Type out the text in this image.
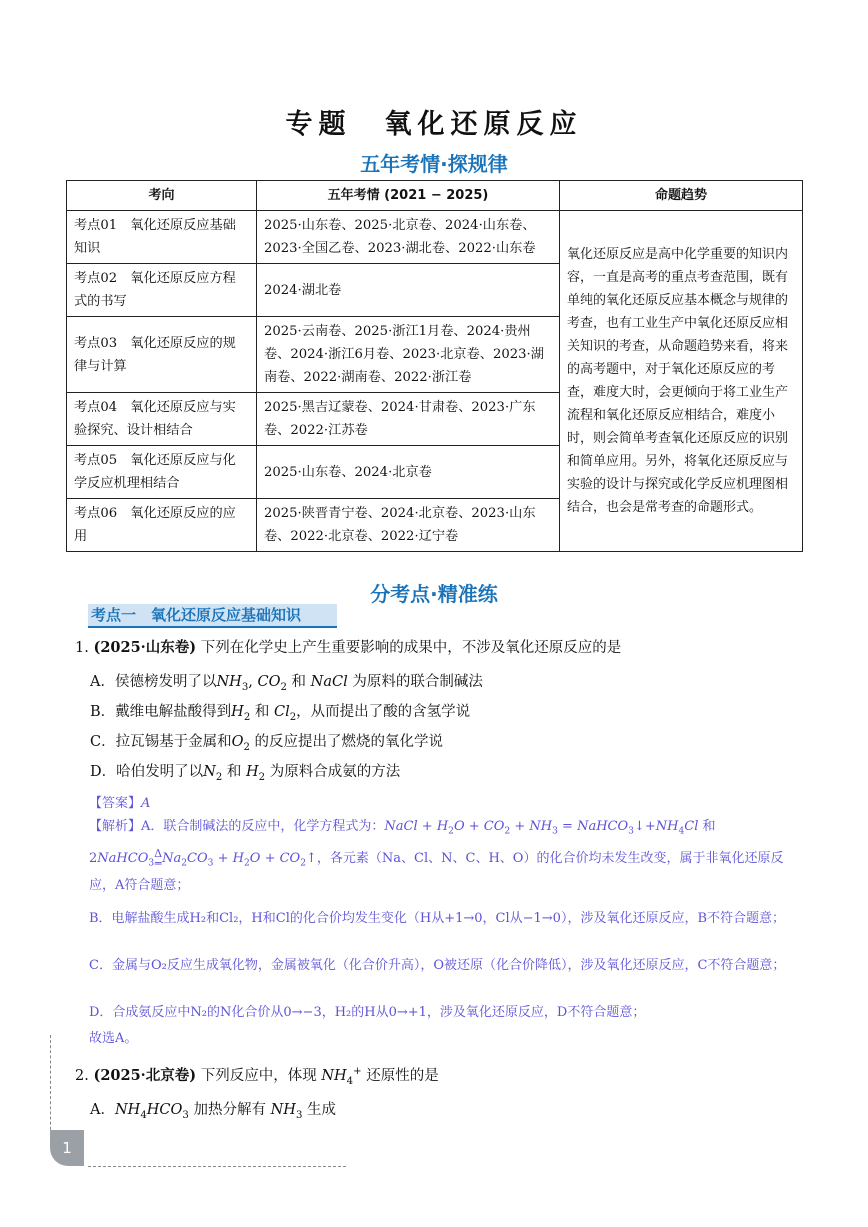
专题　氧化还原反应
五年考情·探规律
考向	五年考情 (2021 − 2025)	命题趋势
考点01　氧化还原反应基础知识	2025·山东卷、2025·北京卷、2024·山东卷、2023·全国乙卷、2023·湖北卷、2022·山东卷	氧化还原反应是高中化学重要的知识内容，一直是高考的重点考查范围，既有单纯的氧化还原反应基本概念与规律的考查，也有工业生产中氧化还原反应相关知识的考查，从命题趋势来看，将来的高考题中，对于氧化还原反应的考查，难度大时，会更倾向于将工业生产流程和氧化还原反应相结合，难度小时，则会简单考查氧化还原反应的识别和简单应用。另外，将氧化还原反应与实验的设计与探究或化学反应机理图相结合，也会是常考查的命题形式。
考点02　氧化还原反应方程式的书写	2024·湖北卷	
考点03　氧化还原反应的规律与计算	2025·云南卷、2025·浙江1月卷、2024·贵州卷、2024·浙江6月卷、2023·北京卷、2023·湖南卷、2022·湖南卷、2022·浙江卷	
考点04　氧化还原反应与实验探究、设计相结合	2025·黑吉辽蒙卷、2024·甘肃卷、2023·广东卷、2022·江苏卷	
考点05　氧化还原反应与化学反应机理相结合	2025·山东卷、2024·北京卷	
考点06　氧化还原反应的应用	2025·陕晋青宁卷、2024·北京卷、2023·山东卷、2022·北京卷、2022·辽宁卷	
分考点·精准练
考点一　氧化还原反应基础知识
1. (2025·山东卷) 下列在化学史上产生重要影响的成果中，不涉及氧化还原反应的是
A．侯德榜发明了以$NH_3$, $CO_2$ 和 NaCl 为原料的联合制碱法
B．戴维电解盐酸得到$H_2$ 和 $Cl_2$，从而提出了酸的含氢学说
C．拉瓦锡基于金属和$O_2$ 的反应提出了燃烧的氧化学说
D．哈伯发明了以$N_2$ 和 $H_2$ 为原料合成氨的方法
【答案】A
【解析】A．联合制碱法的反应中，化学方程式为：NaCl + $H_2O + CO_2 + NH_3$ = $NaHCO_3↓+NH_4Cl$ 和
2NaHCO$_3$Δ
$═Na_2CO_3 + H_2O$ + $CO_2↑$，各元素（Na、Cl、N、C、H、O）的化合价均未发生改变，属于非氧化还原反应，A符合题意；
B．电解盐酸生成H₂和Cl₂，H和Cl的化合价均发生变化（H从+1→0，Cl从−1→0），涉及氧化还原反应，B不符合题意；
C．金属与O₂反应生成氧化物，金属被氧化（化合价升高），O被还原（化合价降低），涉及氧化还原反应，C不符合题意；
D．合成氨反应中N₂的N化合价从0→−3，H₂的H从0→+1，涉及氧化还原反应，D不符合题意；
故选A。
2. (2025·北京卷) 下列反应中，体现 $NH_4^+$ 还原性的是
A．$NH_4HCO_3$ 加热分解有 $NH_3$ 生成
1
